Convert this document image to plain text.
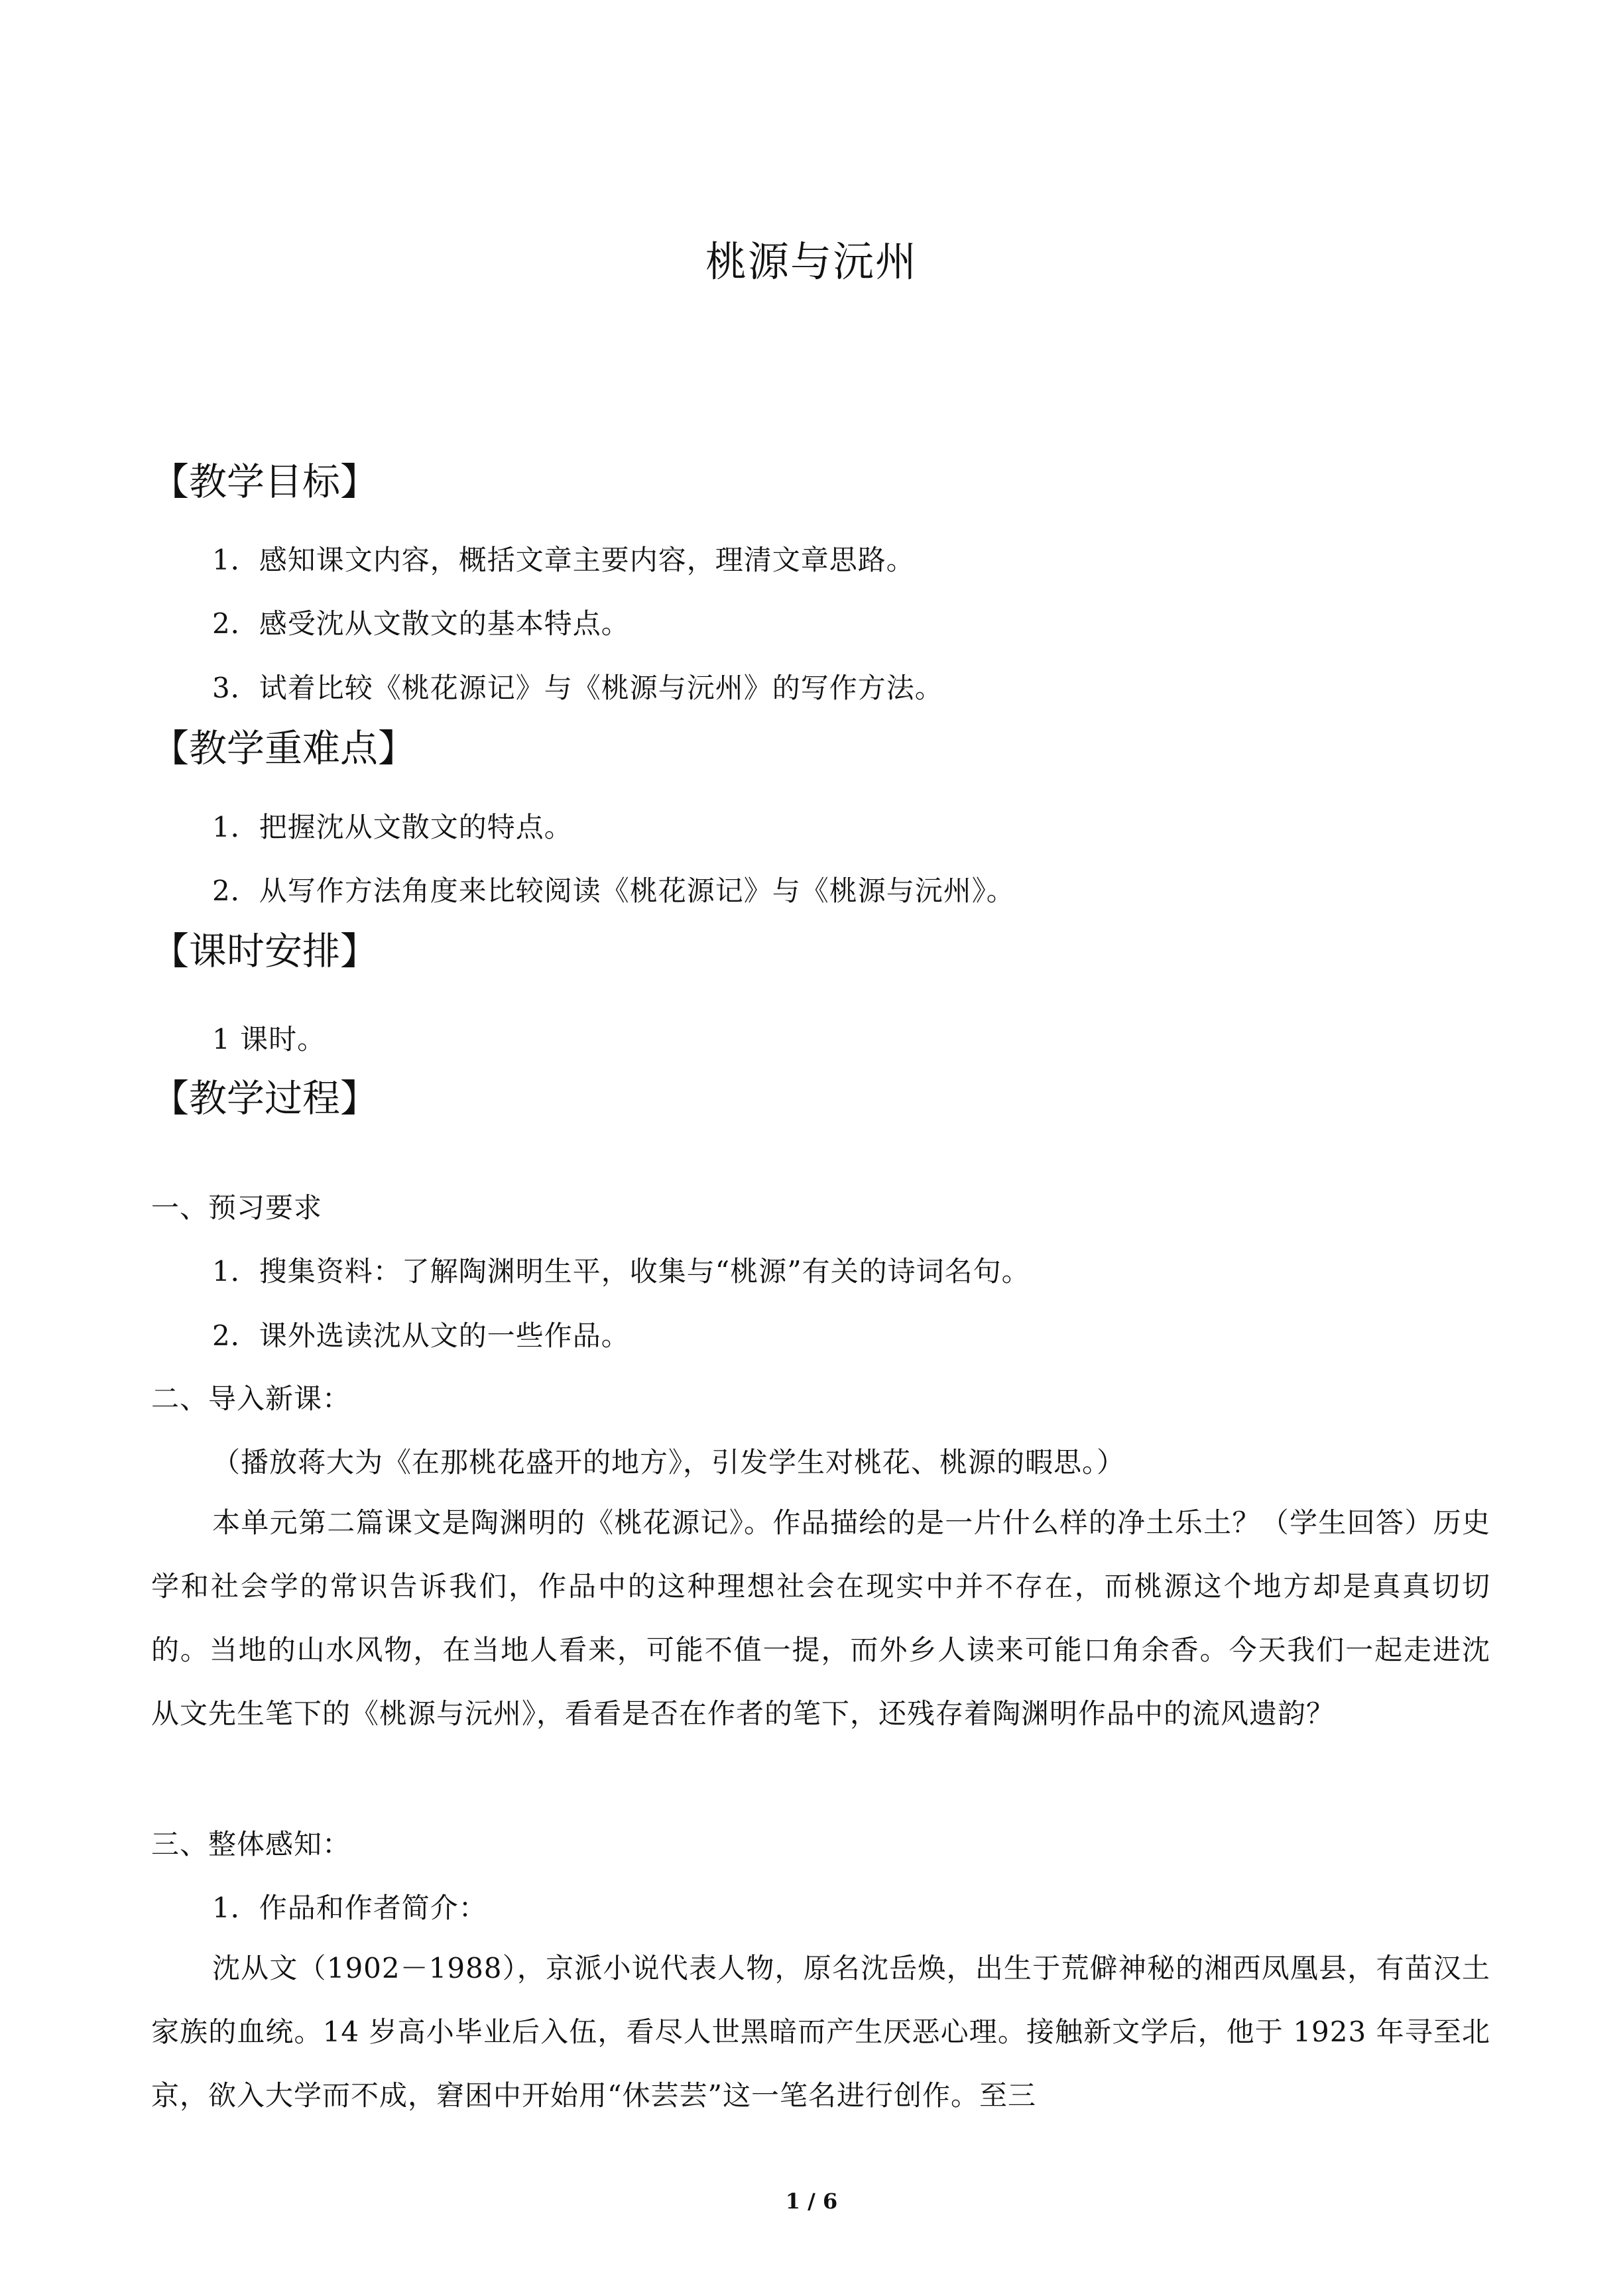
桃源与沅州
【教学目标】
1．感知课文内容，概括文章主要内容，理清文章思路。
2．感受沈从文散文的基本特点。
3．试着比较《桃花源记》与《桃源与沅州》的写作方法。
【教学重难点】
1．把握沈从文散文的特点。
2．从写作方法角度来比较阅读《桃花源记》与《桃源与沅州》。
【课时安排】
1 课时。
【教学过程】
一、预习要求
1．搜集资料：了解陶渊明生平，收集与“桃源”有关的诗词名句。
2．课外选读沈从文的一些作品。
二、导入新课：
（播放蒋大为《在那桃花盛开的地方》，引发学生对桃花、桃源的暇思。）
本单元第二篇课文是陶渊明的《桃花源记》。作品描绘的是一片什么样的净土乐土？（学生回答）历史学和社会学的常识告诉我们，作品中的这种理想社会在现实中并不存在，而桃源这个地方却是真真切切的。当地的山水风物，在当地人看来，可能不值一提，而外乡人读来可能口角余香。今天我们一起走进沈从文先生笔下的《桃源与沅州》，看看是否在作者的笔下，还残存着陶渊明作品中的流风遗韵？
三、整体感知：
1．作品和作者简介：
沈从文（1902－1988），京派小说代表人物，原名沈岳焕，出生于荒僻神秘的湘西凤凰县，有苗汉土家族的血统。14 岁高小毕业后入伍，看尽人世黑暗而产生厌恶心理。接触新文学后，他于 1923 年寻至北京，欲入大学而不成，窘困中开始用“休芸芸”这一笔名进行创作。至三
1 / 6
